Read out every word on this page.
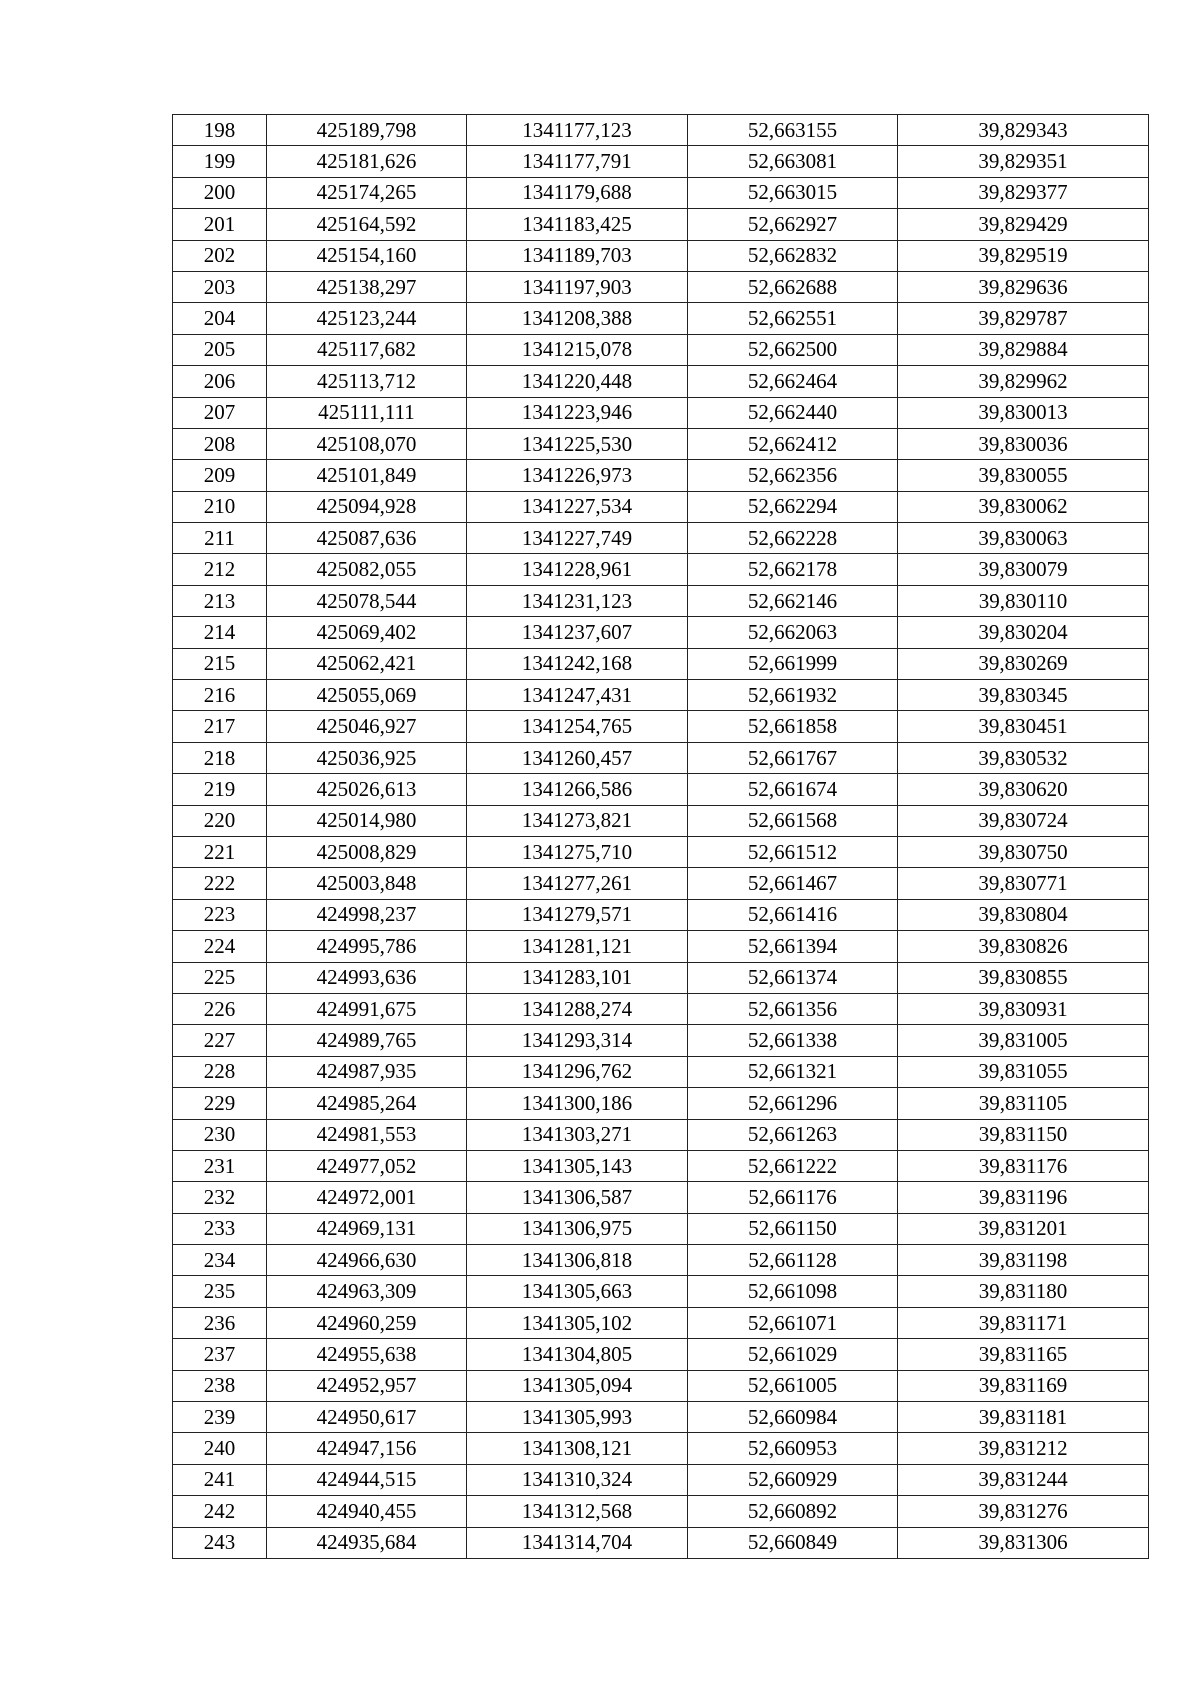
198	425189,798	1341177,123	52,663155	39,829343
199	425181,626	1341177,791	52,663081	39,829351
200	425174,265	1341179,688	52,663015	39,829377
201	425164,592	1341183,425	52,662927	39,829429
202	425154,160	1341189,703	52,662832	39,829519
203	425138,297	1341197,903	52,662688	39,829636
204	425123,244	1341208,388	52,662551	39,829787
205	425117,682	1341215,078	52,662500	39,829884
206	425113,712	1341220,448	52,662464	39,829962
207	425111,111	1341223,946	52,662440	39,830013
208	425108,070	1341225,530	52,662412	39,830036
209	425101,849	1341226,973	52,662356	39,830055
210	425094,928	1341227,534	52,662294	39,830062
211	425087,636	1341227,749	52,662228	39,830063
212	425082,055	1341228,961	52,662178	39,830079
213	425078,544	1341231,123	52,662146	39,830110
214	425069,402	1341237,607	52,662063	39,830204
215	425062,421	1341242,168	52,661999	39,830269
216	425055,069	1341247,431	52,661932	39,830345
217	425046,927	1341254,765	52,661858	39,830451
218	425036,925	1341260,457	52,661767	39,830532
219	425026,613	1341266,586	52,661674	39,830620
220	425014,980	1341273,821	52,661568	39,830724
221	425008,829	1341275,710	52,661512	39,830750
222	425003,848	1341277,261	52,661467	39,830771
223	424998,237	1341279,571	52,661416	39,830804
224	424995,786	1341281,121	52,661394	39,830826
225	424993,636	1341283,101	52,661374	39,830855
226	424991,675	1341288,274	52,661356	39,830931
227	424989,765	1341293,314	52,661338	39,831005
228	424987,935	1341296,762	52,661321	39,831055
229	424985,264	1341300,186	52,661296	39,831105
230	424981,553	1341303,271	52,661263	39,831150
231	424977,052	1341305,143	52,661222	39,831176
232	424972,001	1341306,587	52,661176	39,831196
233	424969,131	1341306,975	52,661150	39,831201
234	424966,630	1341306,818	52,661128	39,831198
235	424963,309	1341305,663	52,661098	39,831180
236	424960,259	1341305,102	52,661071	39,831171
237	424955,638	1341304,805	52,661029	39,831165
238	424952,957	1341305,094	52,661005	39,831169
239	424950,617	1341305,993	52,660984	39,831181
240	424947,156	1341308,121	52,660953	39,831212
241	424944,515	1341310,324	52,660929	39,831244
242	424940,455	1341312,568	52,660892	39,831276
243	424935,684	1341314,704	52,660849	39,831306
